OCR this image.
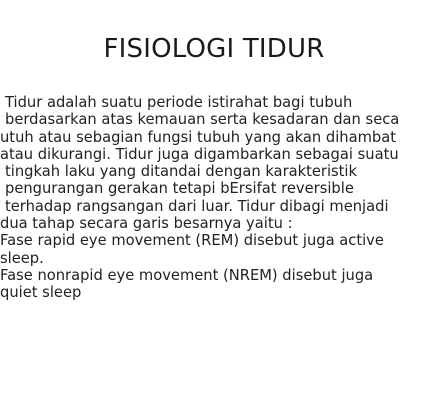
FISIOLOGI TIDUR
Tidur adalah suatu periode istirahat bagi tubuh
berdasarkan atas kemauan serta kesadaran dan seca
utuh atau sebagian fungsi tubuh yang akan dihambat
atau dikurangi. Tidur juga digambarkan sebagai suatu
tingkah laku yang ditandai dengan karakteristik
pengurangan gerakan tetapi bErsifat reversible
terhadap rangsangan dari luar. Tidur dibagi menjadi
dua tahap secara garis besarnya yaitu :
Fase rapid eye movement (REM) disebut juga active
sleep.
Fase nonrapid eye movement (NREM) disebut juga
quiet sleep
